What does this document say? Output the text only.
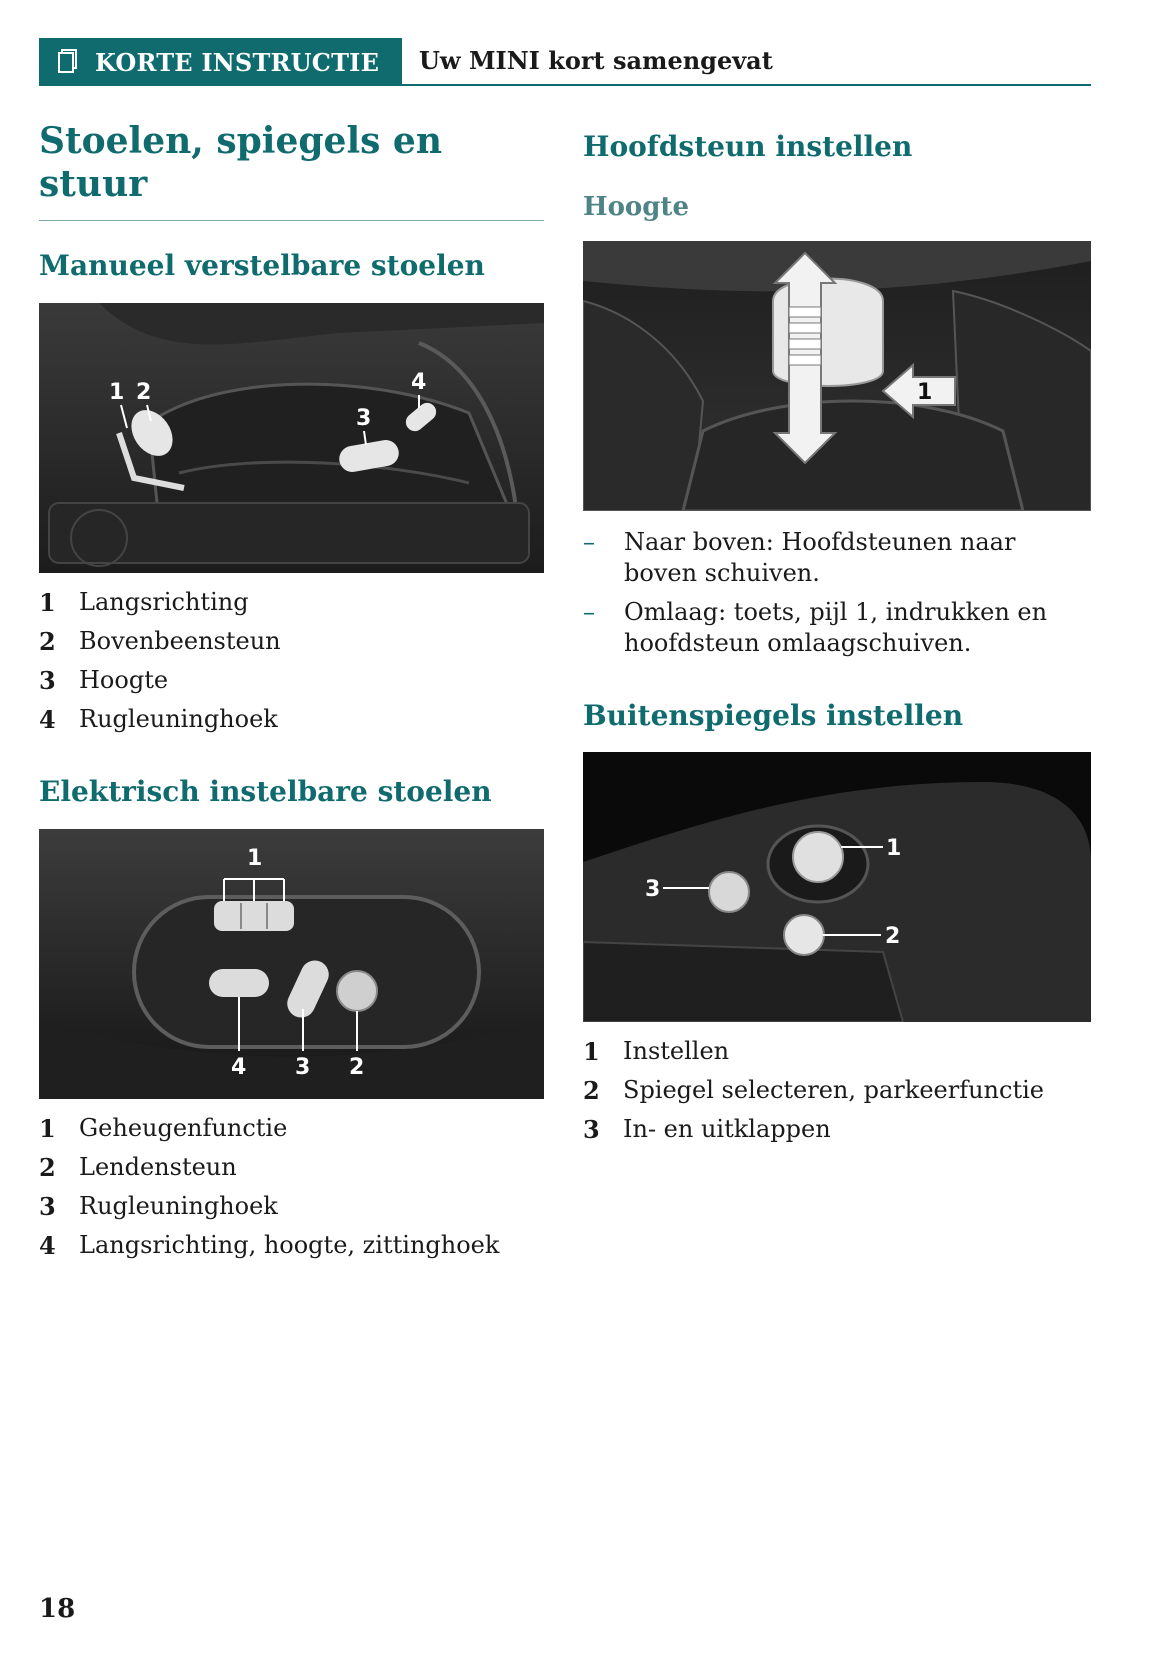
KORTE INSTRUCTIE Uw MINI kort samengevat
Stoelen, spiegels en stuur
Manueel verstelbare stoelen
1 2
3
4
1 Langsrichting
2 Bovenbeensteun
3 Hoogte
4 Rugleuninghoek
Elektrisch instelbare stoelen
1
4 3 2
1 Geheugenfunctie
2 Lendensteun
3 Rugleuninghoek
4 Langsrichting, hoogte, zittinghoek
Hoofdsteun instellen
Hoogte
1
–	Naar boven: Hoofdsteunen naar boven schuiven.
–	Omlaag: toets, pijl 1, indrukken en hoofdsteun omlaagschuiven.
Buitenspiegels instellen
1
3
2
1 Instellen
2 Spiegel selecteren, parkeerfunctie
3 In- en uitklappen
18
